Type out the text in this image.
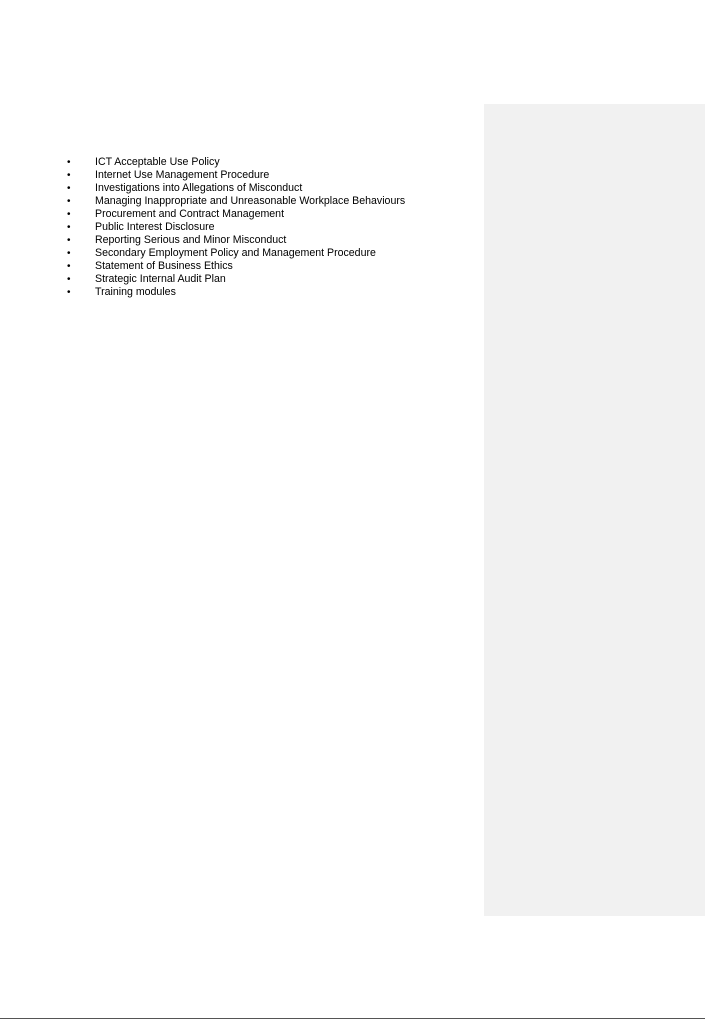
• ICT Acceptable Use Policy
• Internet Use Management Procedure
• Investigations into Allegations of Misconduct
• Managing Inappropriate and Unreasonable Workplace Behaviours
• Procurement and Contract Management
• Public Interest Disclosure
• Reporting Serious and Minor Misconduct
• Secondary Employment Policy and Management Procedure
• Statement of Business Ethics
• Strategic Internal Audit Plan
• Training modules
